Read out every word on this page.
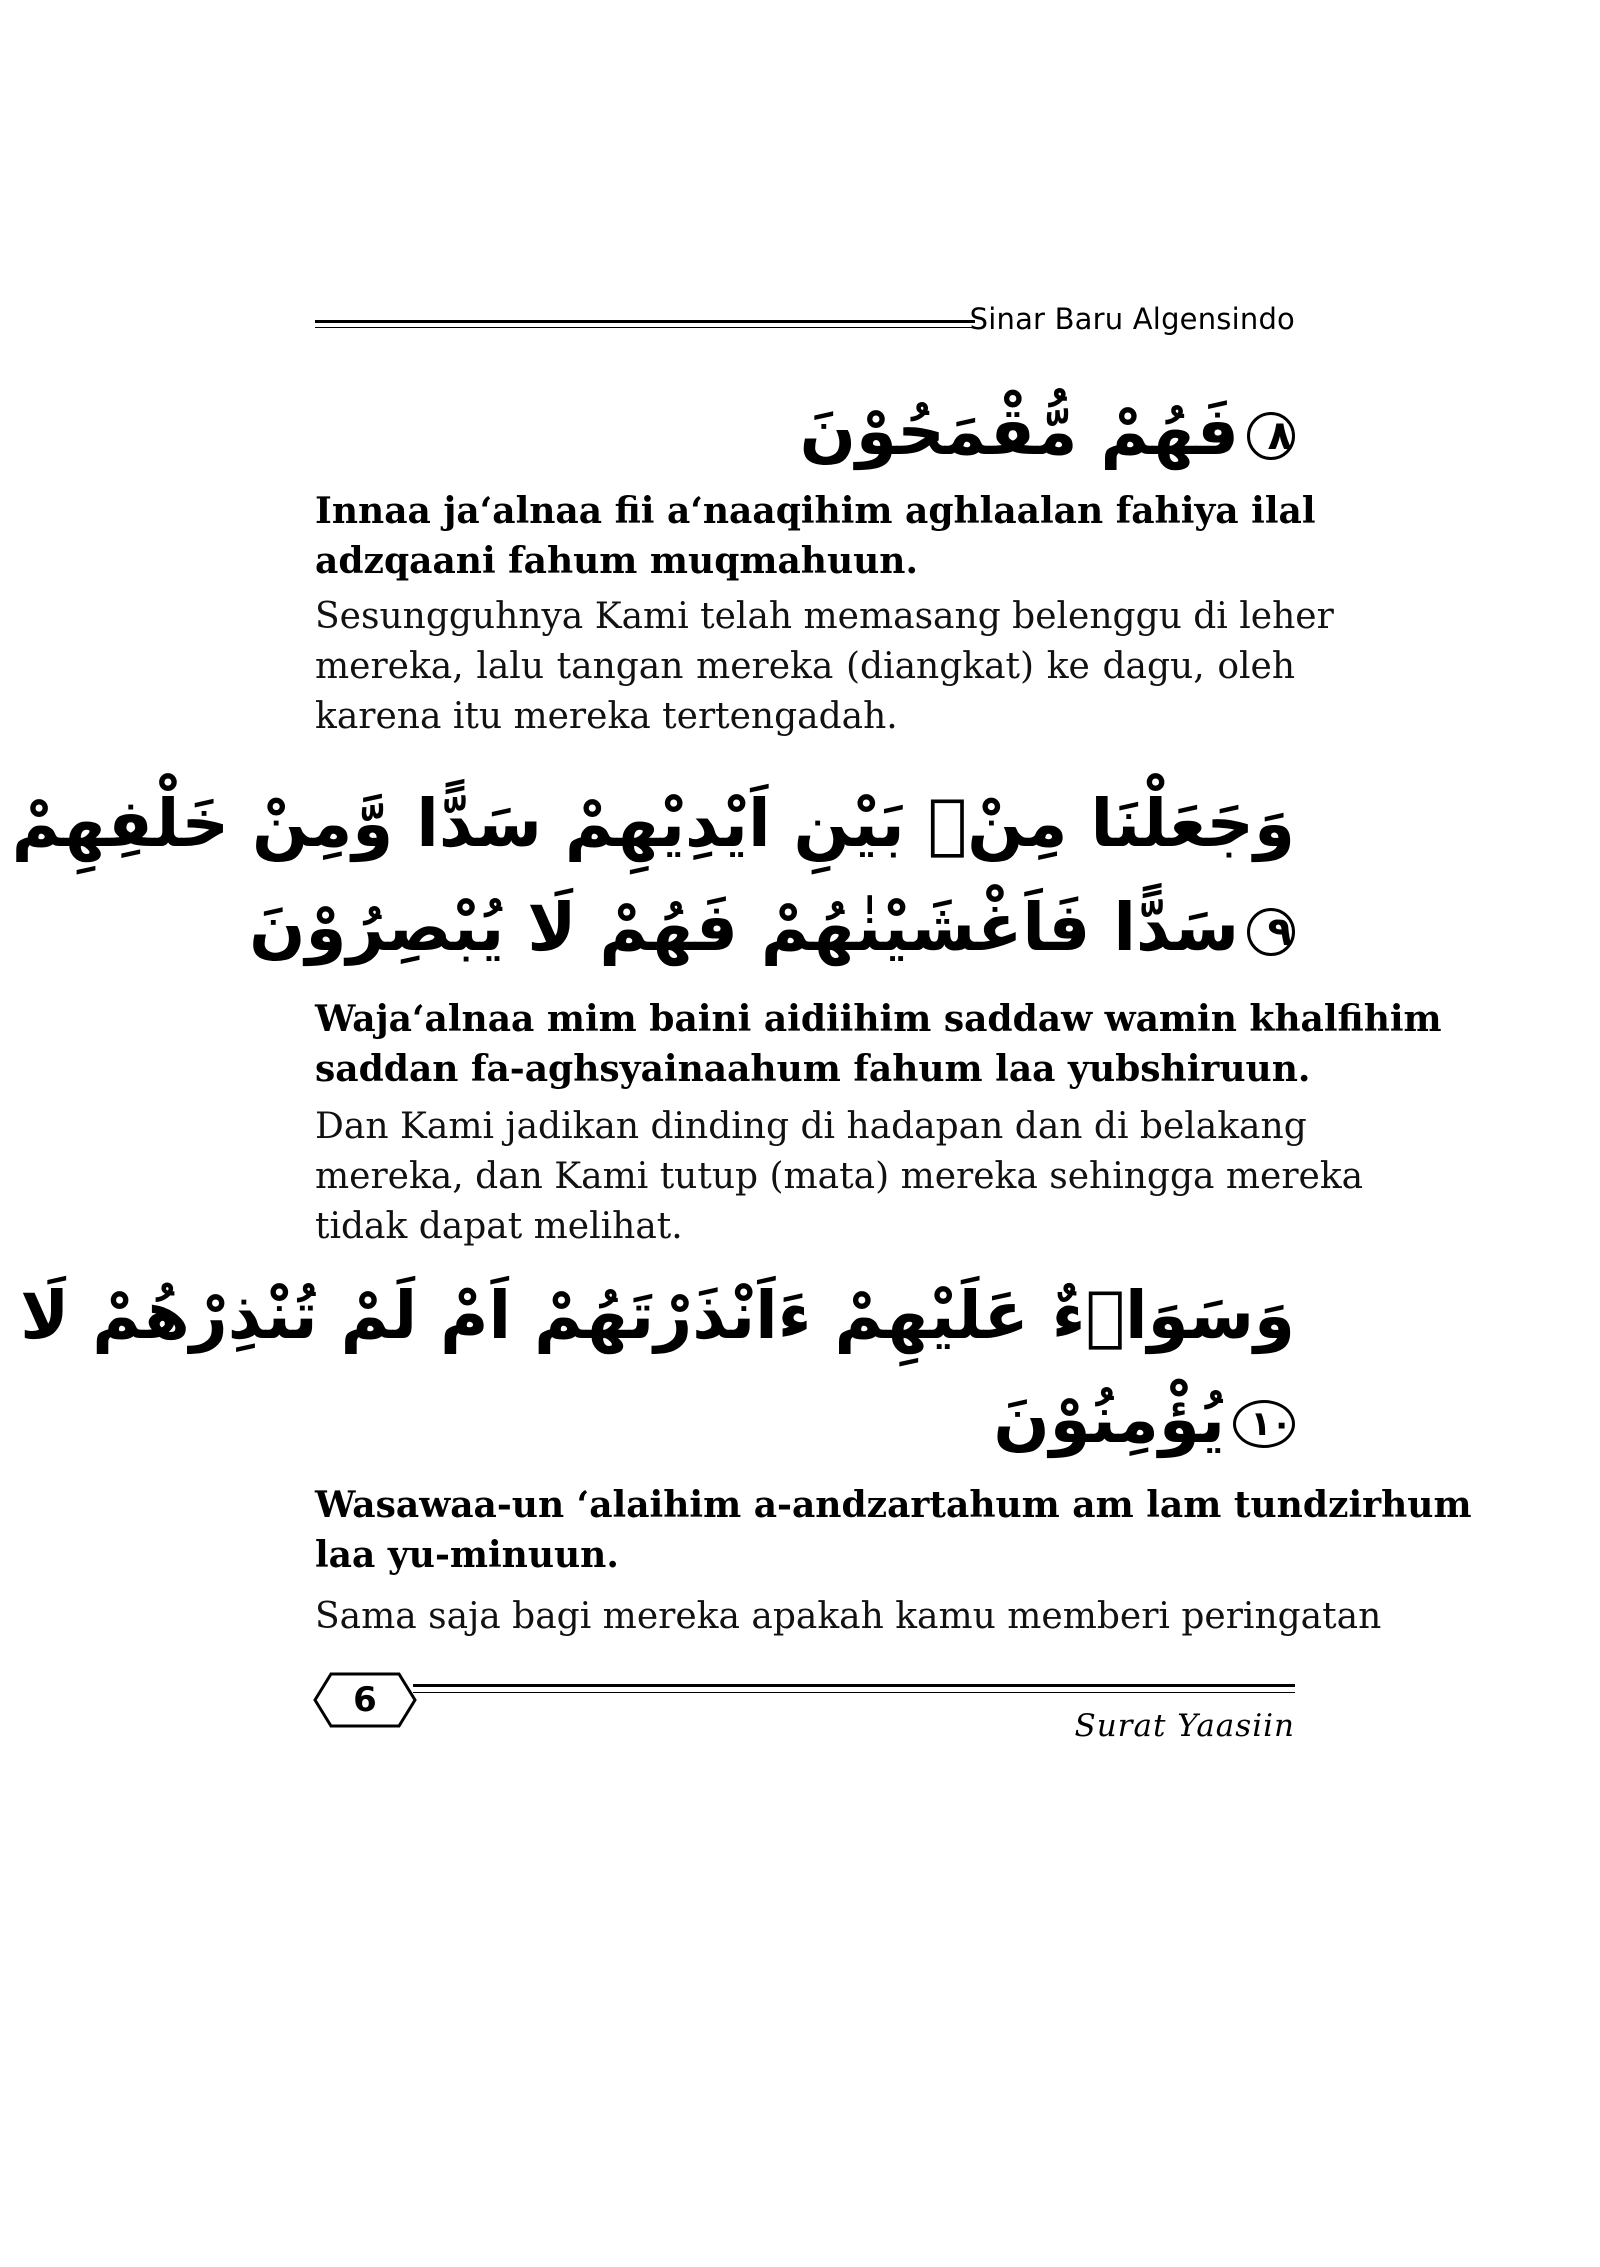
Sinar Baru Algensindo
٨فَهُمْ مُّقْمَحُوْنَ
Innaa ja‘alnaa fii a‘naaqihim aghlaalan fahiya ilal
adzqaani fahum muqmahuun.
Sesungguhnya Kami telah memasang belenggu di leher
mereka, lalu tangan mereka (diangkat) ke dagu, oleh
karena itu mereka tertengadah.
وَجَعَلْنَا مِنْۢ بَيْنِ اَيْدِيْهِمْ سَدًّا وَّمِنْ خَلْفِهِمْ
٩سَدًّا فَاَغْشَيْنٰهُمْ فَهُمْ لَا يُبْصِرُوْنَ
Waja‘alnaa mim baini aidiihim saddaw wamin khalfihim
saddan fa-aghsyainaahum fahum laa yubshiruun.
Dan Kami jadikan dinding di hadapan dan di belakang
mereka, dan Kami tutup (mata) mereka sehingga mereka
tidak dapat melihat.
وَسَوَاۤءٌ عَلَيْهِمْ ءَاَنْذَرْتَهُمْ اَمْ لَمْ تُنْذِرْهُمْ لَا
١٠يُؤْمِنُوْنَ
Wasawaa-un ‘alaihim a-andzartahum am lam tundzirhum
laa yu-minuun.
Sama saja bagi mereka apakah kamu memberi peringatan
6
Surat Yaasiin
